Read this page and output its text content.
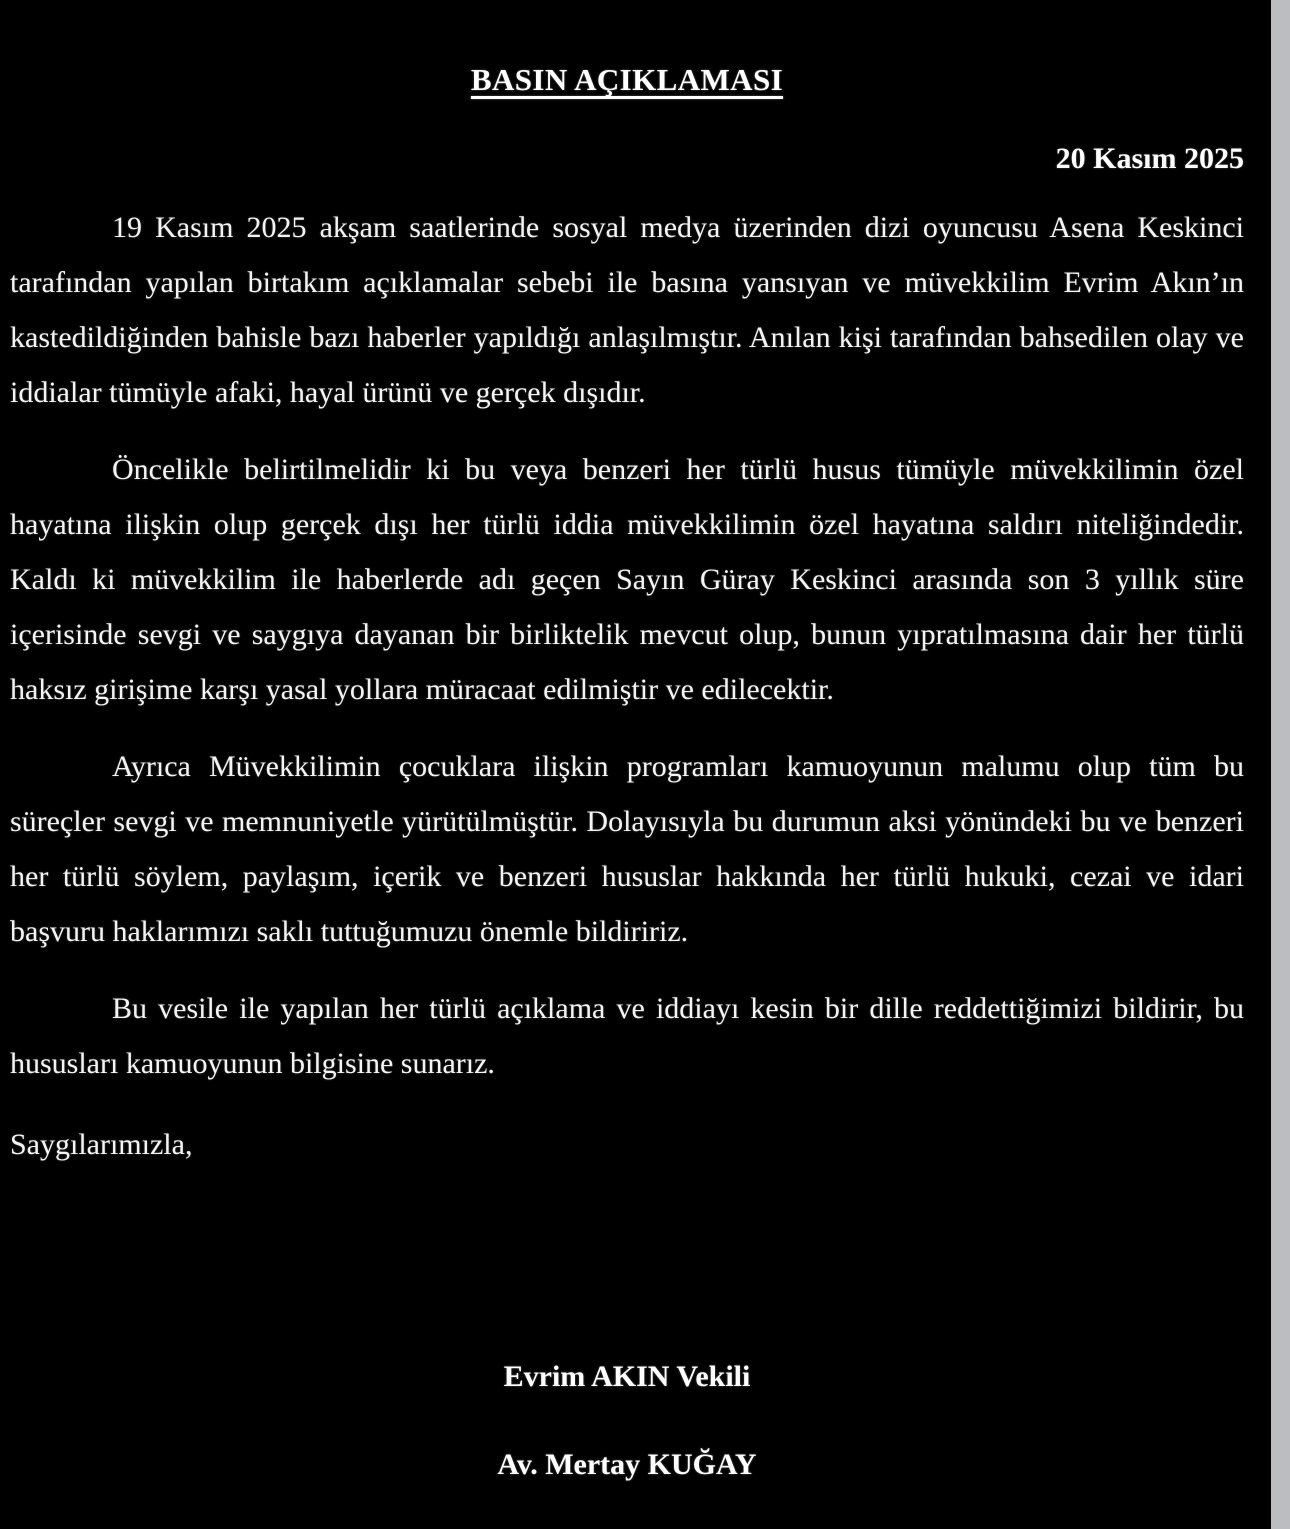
BASIN AÇIKLAMASI
20 Kasım 2025

19 Kasım 2025 akşam saatlerinde sosyal medya üzerinden dizi oyuncusu Asena Keskinci tarafından yapılan birtakım açıklamalar sebebi ile basına yansıyan ve müvekkilim Evrim Akın’ın kastedildiğinden bahisle bazı haberler yapıldığı anlaşılmıştır. Anılan kişi tarafından bahsedilen olay ve iddialar tümüyle afaki, hayal ürünü ve gerçek dışıdır.

Öncelikle belirtilmelidir ki bu veya benzeri her türlü husus tümüyle müvekkilimin özel hayatına ilişkin olup gerçek dışı her türlü iddia müvekkilimin özel hayatına saldırı niteliğindedir. Kaldı ki müvekkilim ile haberlerde adı geçen Sayın Güray Keskinci arasında son 3 yıllık süre içerisinde sevgi ve saygıya dayanan bir birliktelik mevcut olup, bunun yıpratılmasına dair her türlü haksız girişime karşı yasal yollara müracaat edilmiştir ve edilecektir.

Ayrıca Müvekkilimin çocuklara ilişkin programları kamuoyunun malumu olup tüm bu süreçler sevgi ve memnuniyetle yürütülmüştür. Dolayısıyla bu durumun aksi yönündeki bu ve benzeri her türlü söylem, paylaşım, içerik ve benzeri hususlar hakkında her türlü hukuki, cezai ve idari başvuru haklarımızı saklı tuttuğumuzu önemle bildiririz.

Bu vesile ile yapılan her türlü açıklama ve iddiayı kesin bir dille reddettiğimizi bildirir, bu hususları kamuoyunun bilgisine sunarız.

Saygılarımızla,

Evrim AKIN Vekili
Av. Mertay KUĞAY
